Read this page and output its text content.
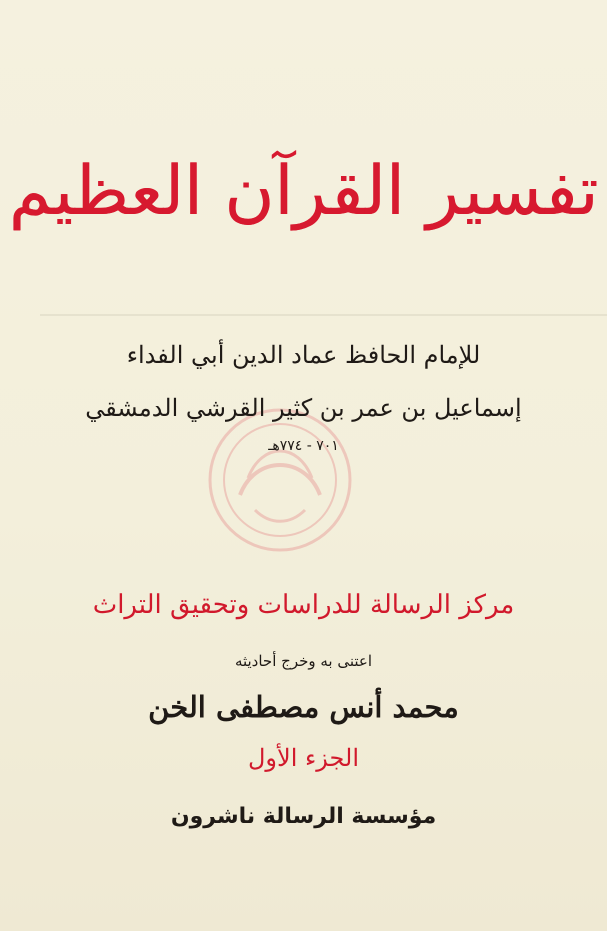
تفسير القرآن العظيم
للإمام الحافظ عماد الدين أبي الفداء
إسماعيل بن عمر بن كثير القرشي الدمشقي
٧٠١ - ٧٧٤هـ
مركز الرسالة للدراسات وتحقيق التراث
اعتنى به وخرج أحاديثه
محمد أنس مصطفى الخن
الجزء الأول
مؤسسة الرسالة ناشرون
